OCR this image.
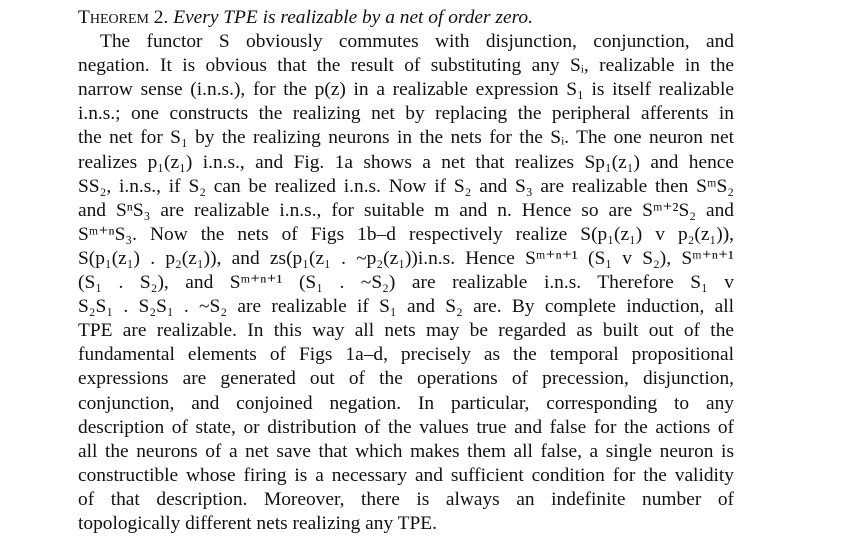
Theorem 2. Every TPE is realizable by a net of order zero.
The functor S obviously commutes with disjunction, conjunction, and
negation. It is obvious that the result of substituting any Sᵢ, realizable in the
narrow sense (i.n.s.), for the p(z) in a realizable expression S₁ is itself realizable
i.n.s.; one constructs the realizing net by replacing the peripheral afferents in
the net for S₁ by the realizing neurons in the nets for the Sᵢ. The one neuron net
realizes p₁(z₁) i.n.s., and Fig. 1a shows a net that realizes Sp₁(z₁) and hence
SS₂, i.n.s., if S₂ can be realized i.n.s. Now if S₂ and S₃ are realizable then SᵐS₂
and SⁿS₃ are realizable i.n.s., for suitable m and n. Hence so are Sᵐ⁺²S₂ and
Sᵐ⁺ⁿS₃. Now the nets of Figs 1b–d respectively realize S(p₁(z₁) v p₂(z₁)),
S(p₁(z₁) . p₂(z₁)), and zs(p₁(z₁ . ~p₂(z₁))i.n.s. Hence Sᵐ⁺ⁿ⁺¹ (S₁ v S₂), Sᵐ⁺ⁿ⁺¹
(S₁ . S₂), and Sᵐ⁺ⁿ⁺¹ (S₁ . ~S₂) are realizable i.n.s. Therefore S₁ v
S₂S₁ . S₂S₁ . ~S₂ are realizable if S₁ and S₂ are. By complete induction, all
TPE are realizable. In this way all nets may be regarded as built out of the
fundamental elements of Figs 1a–d, precisely as the temporal propositional
expressions are generated out of the operations of precession, disjunction,
conjunction, and conjoined negation. In particular, corresponding to any
description of state, or distribution of the values true and false for the actions of
all the neurons of a net save that which makes them all false, a single neuron is
constructible whose firing is a necessary and sufficient condition for the validity
of that description. Moreover, there is always an indefinite number of
topologically different nets realizing any TPE.
